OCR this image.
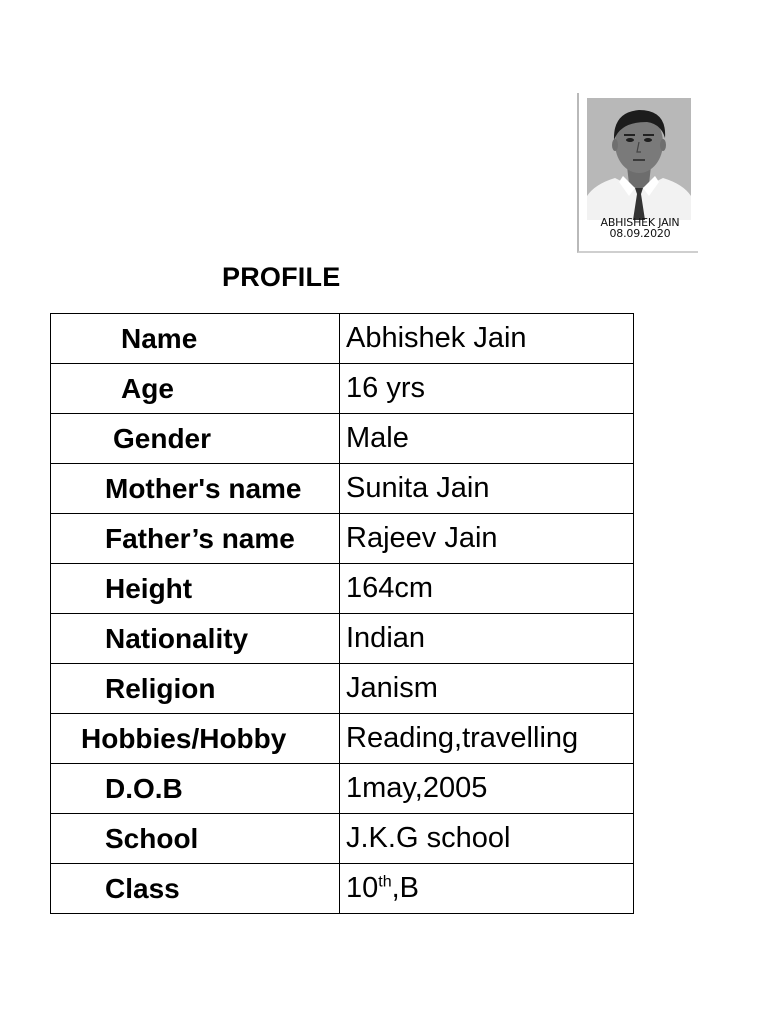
ABHISHEK JAIN
08.09.2020
PROFILE
Name	Abhishek Jain
Age	16 yrs
Gender	Male
Mother's name	Sunita Jain
Father’s name	Rajeev Jain
Height	164cm
Nationality	Indian
Religion	Janism
Hobbies/Hobby	Reading,travelling
D.O.B	1may,2005
School	J.K.G school
Class	10th,B
